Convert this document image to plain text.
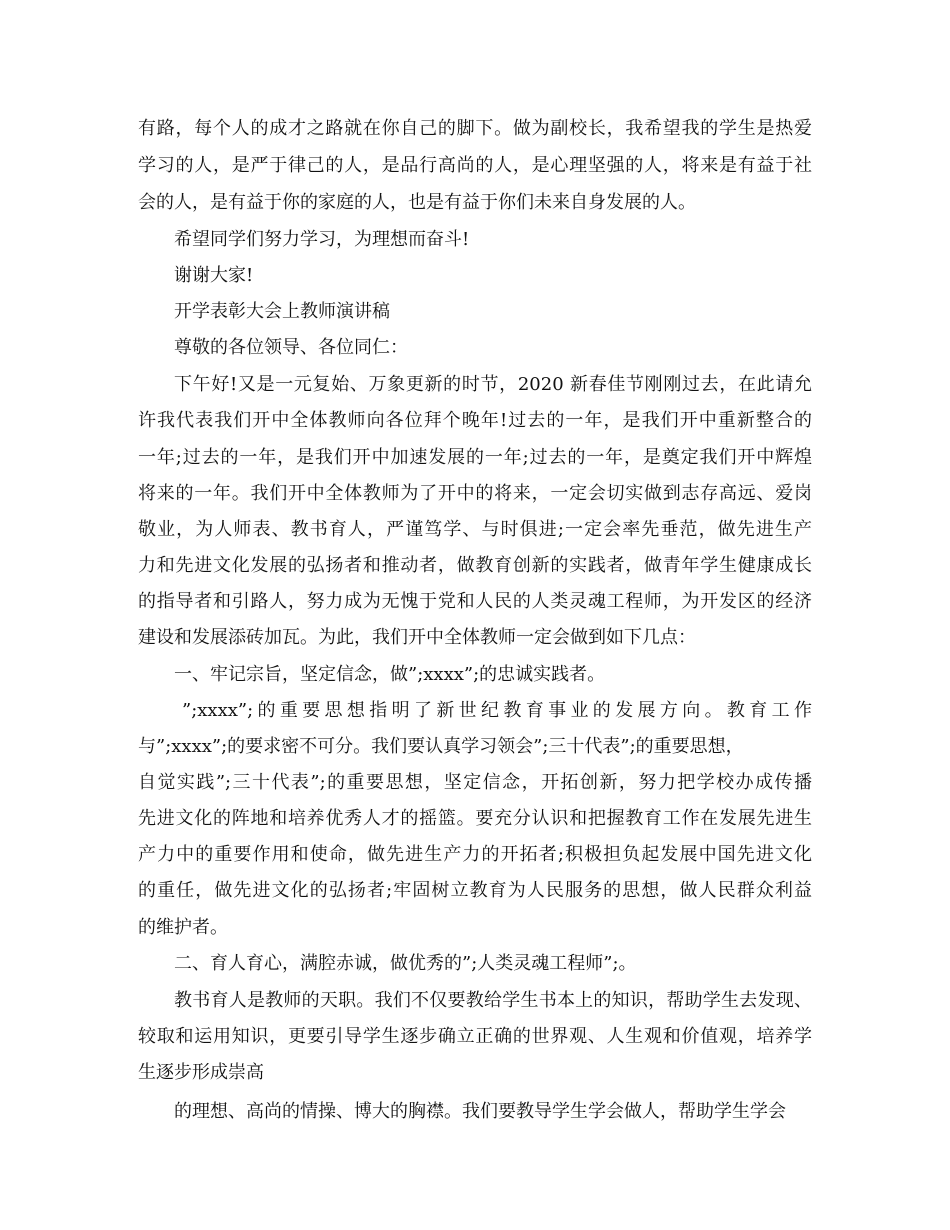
有路，每个人的成才之路就在你自己的脚下。做为副校长，我希望我的学生是热爱
学习的人，是严于律己的人，是品行高尚的人，是心理坚强的人，将来是有益于社
会的人，是有益于你的家庭的人，也是有益于你们未来自身发展的人。
希望同学们努力学习，为理想而奋斗!
谢谢大家!
开学表彰大会上教师演讲稿
尊敬的各位领导、各位同仁：
下午好!又是一元复始、万象更新的时节，2020 新春佳节刚刚过去，在此请允
许我代表我们开中全体教师向各位拜个晚年!过去的一年，是我们开中重新整合的
一年;过去的一年，是我们开中加速发展的一年;过去的一年，是奠定我们开中辉煌
将来的一年。我们开中全体教师为了开中的将来，一定会切实做到志存高远、爱岗
敬业，为人师表、教书育人，严谨笃学、与时俱进;一定会率先垂范，做先进生产
力和先进文化发展的弘扬者和推动者，做教育创新的实践者，做青年学生健康成长
的指导者和引路人，努力成为无愧于党和人民的人类灵魂工程师，为开发区的经济
建设和发展添砖加瓦。为此，我们开中全体教师一定会做到如下几点：
一、牢记宗旨，坚定信念，做”;xxxx”;的忠诚实践者。
”;xxxx”;的重要思想指明了新世纪教育事业的发展方向。教育工作
与”;xxxx”;的要求密不可分。我们要认真学习领会”;三十代表”;的重要思想，
自觉实践”;三十代表”;的重要思想，坚定信念，开拓创新，努力把学校办成传播
先进文化的阵地和培养优秀人才的摇篮。要充分认识和把握教育工作在发展先进生
产力中的重要作用和使命，做先进生产力的开拓者;积极担负起发展中国先进文化
的重任，做先进文化的弘扬者;牢固树立教育为人民服务的思想，做人民群众利益
的维护者。
二、育人育心，满腔赤诚，做优秀的”;人类灵魂工程师”;。
教书育人是教师的天职。我们不仅要教给学生书本上的知识，帮助学生去发现、
较取和运用知识，更要引导学生逐步确立正确的世界观、人生观和价值观，培养学
生逐步形成崇高
的理想、高尚的情操、博大的胸襟。我们要教导学生学会做人，帮助学生学会
